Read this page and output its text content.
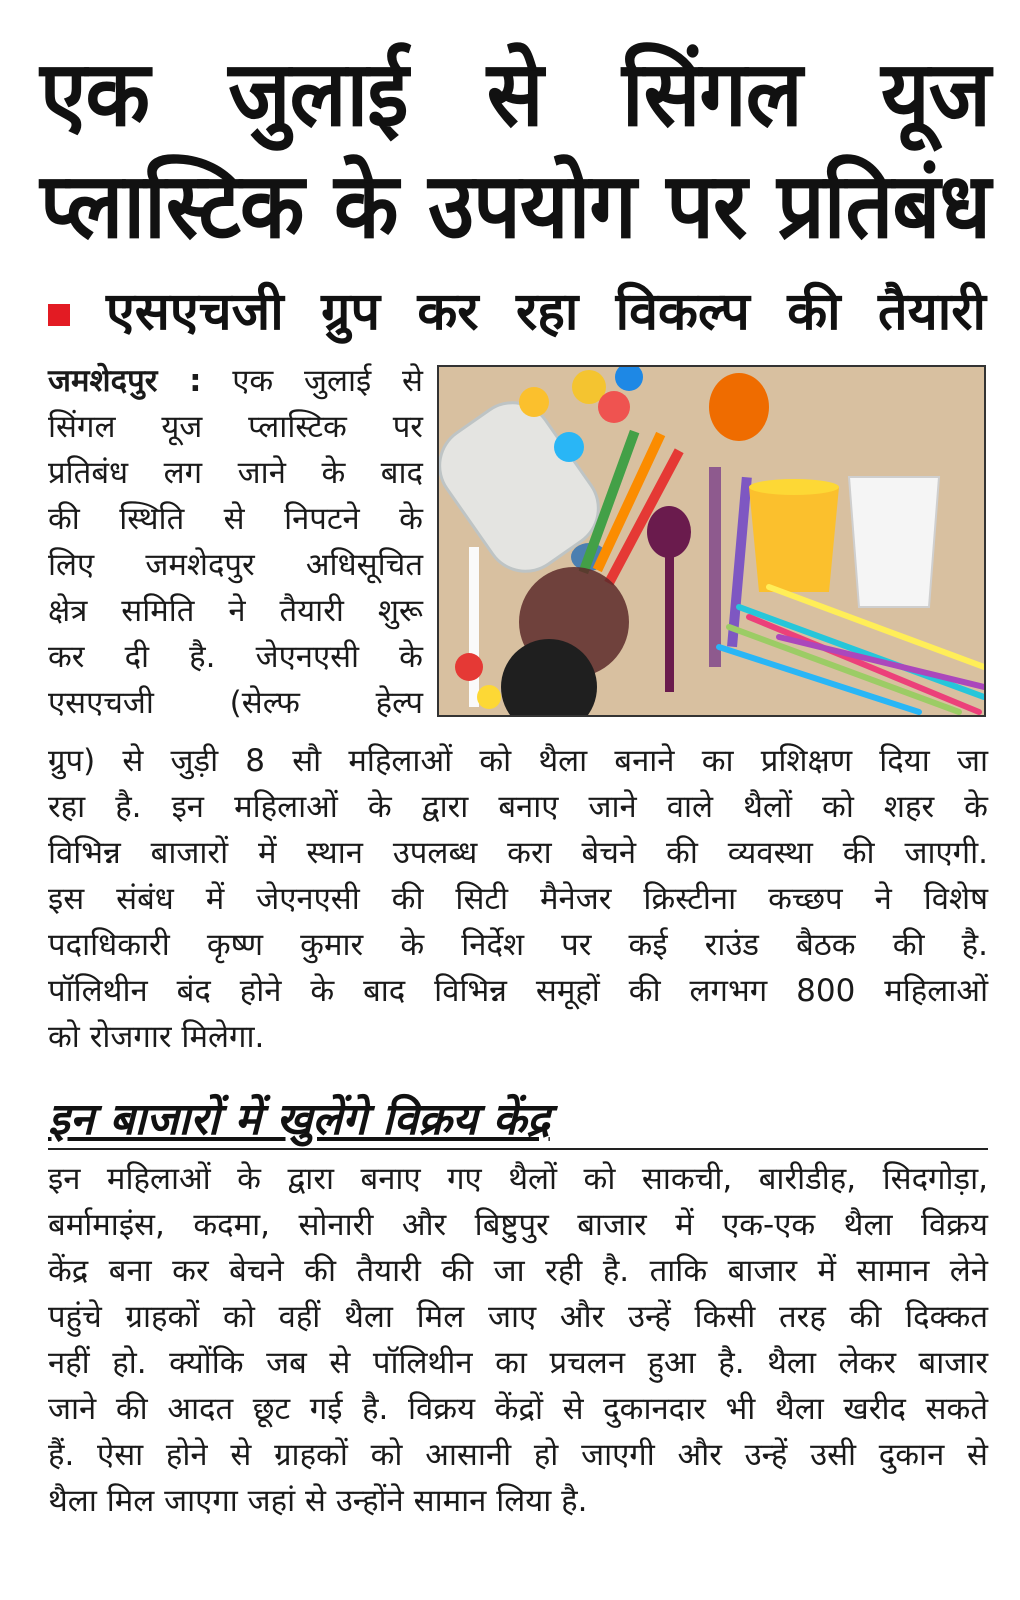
एक जुलाई से सिंगल यूज
प्लास्टिक के उपयोग पर प्रतिबंध

एसएचजी ग्रुप कर रहा विकल्प की तैयारी

जमशेदपुर : एक जुलाई से

सिंगल यूज प्लास्टिक पर

प्रतिबंध लग जाने के बाद

की स्थिति से निपटने के

लिए जमशेदपुर अधिसूचित

क्षेत्र समिति ने तैयारी शुरू

कर दी है. जेएनएसी के

एसएचजी (सेल्फ हेल्प

ग्रुप) से जुड़ी 8 सौ महिलाओं को थैला बनाने का प्रशिक्षण दिया जा

रहा है. इन महिलाओं के द्वारा बनाए जाने वाले थैलों को शहर के

विभिन्न बाजारों में स्थान उपलब्ध करा बेचने की व्यवस्था की जाएगी.

इस संबंध में जेएनएसी की सिटी मैनेजर क्रिस्टीना कच्छप ने विशेष

पदाधिकारी कृष्ण कुमार के निर्देश पर कई राउंड बैठक की है.

पॉलिथीन बंद होने के बाद विभिन्न समूहों की लगभग 800 महिलाओं

को रोजगार मिलेगा.

इन बाजारों में खुलेंगे विक्रय केंद्र

इन महिलाओं के द्वारा बनाए गए थैलों को साकची, बारीडीह, सिदगोड़ा,

बर्मामाइंस, कदमा, सोनारी और बिष्टुपुर बाजार में एक-एक थैला विक्रय

केंद्र बना कर बेचने की तैयारी की जा रही है. ताकि बाजार में सामान लेने

पहुंचे ग्राहकों को वहीं थैला मिल जाए और उन्हें किसी तरह की दिक्कत

नहीं हो. क्योंकि जब से पॉलिथीन का प्रचलन हुआ है. थैला लेकर बाजार

जाने की आदत छूट गई है. विक्रय केंद्रों से दुकानदार भी थैला खरीद सकते

हैं. ऐसा होने से ग्राहकों को आसानी हो जाएगी और उन्हें उसी दुकान से

थैला मिल जाएगा जहां से उन्होंने सामान लिया है.
